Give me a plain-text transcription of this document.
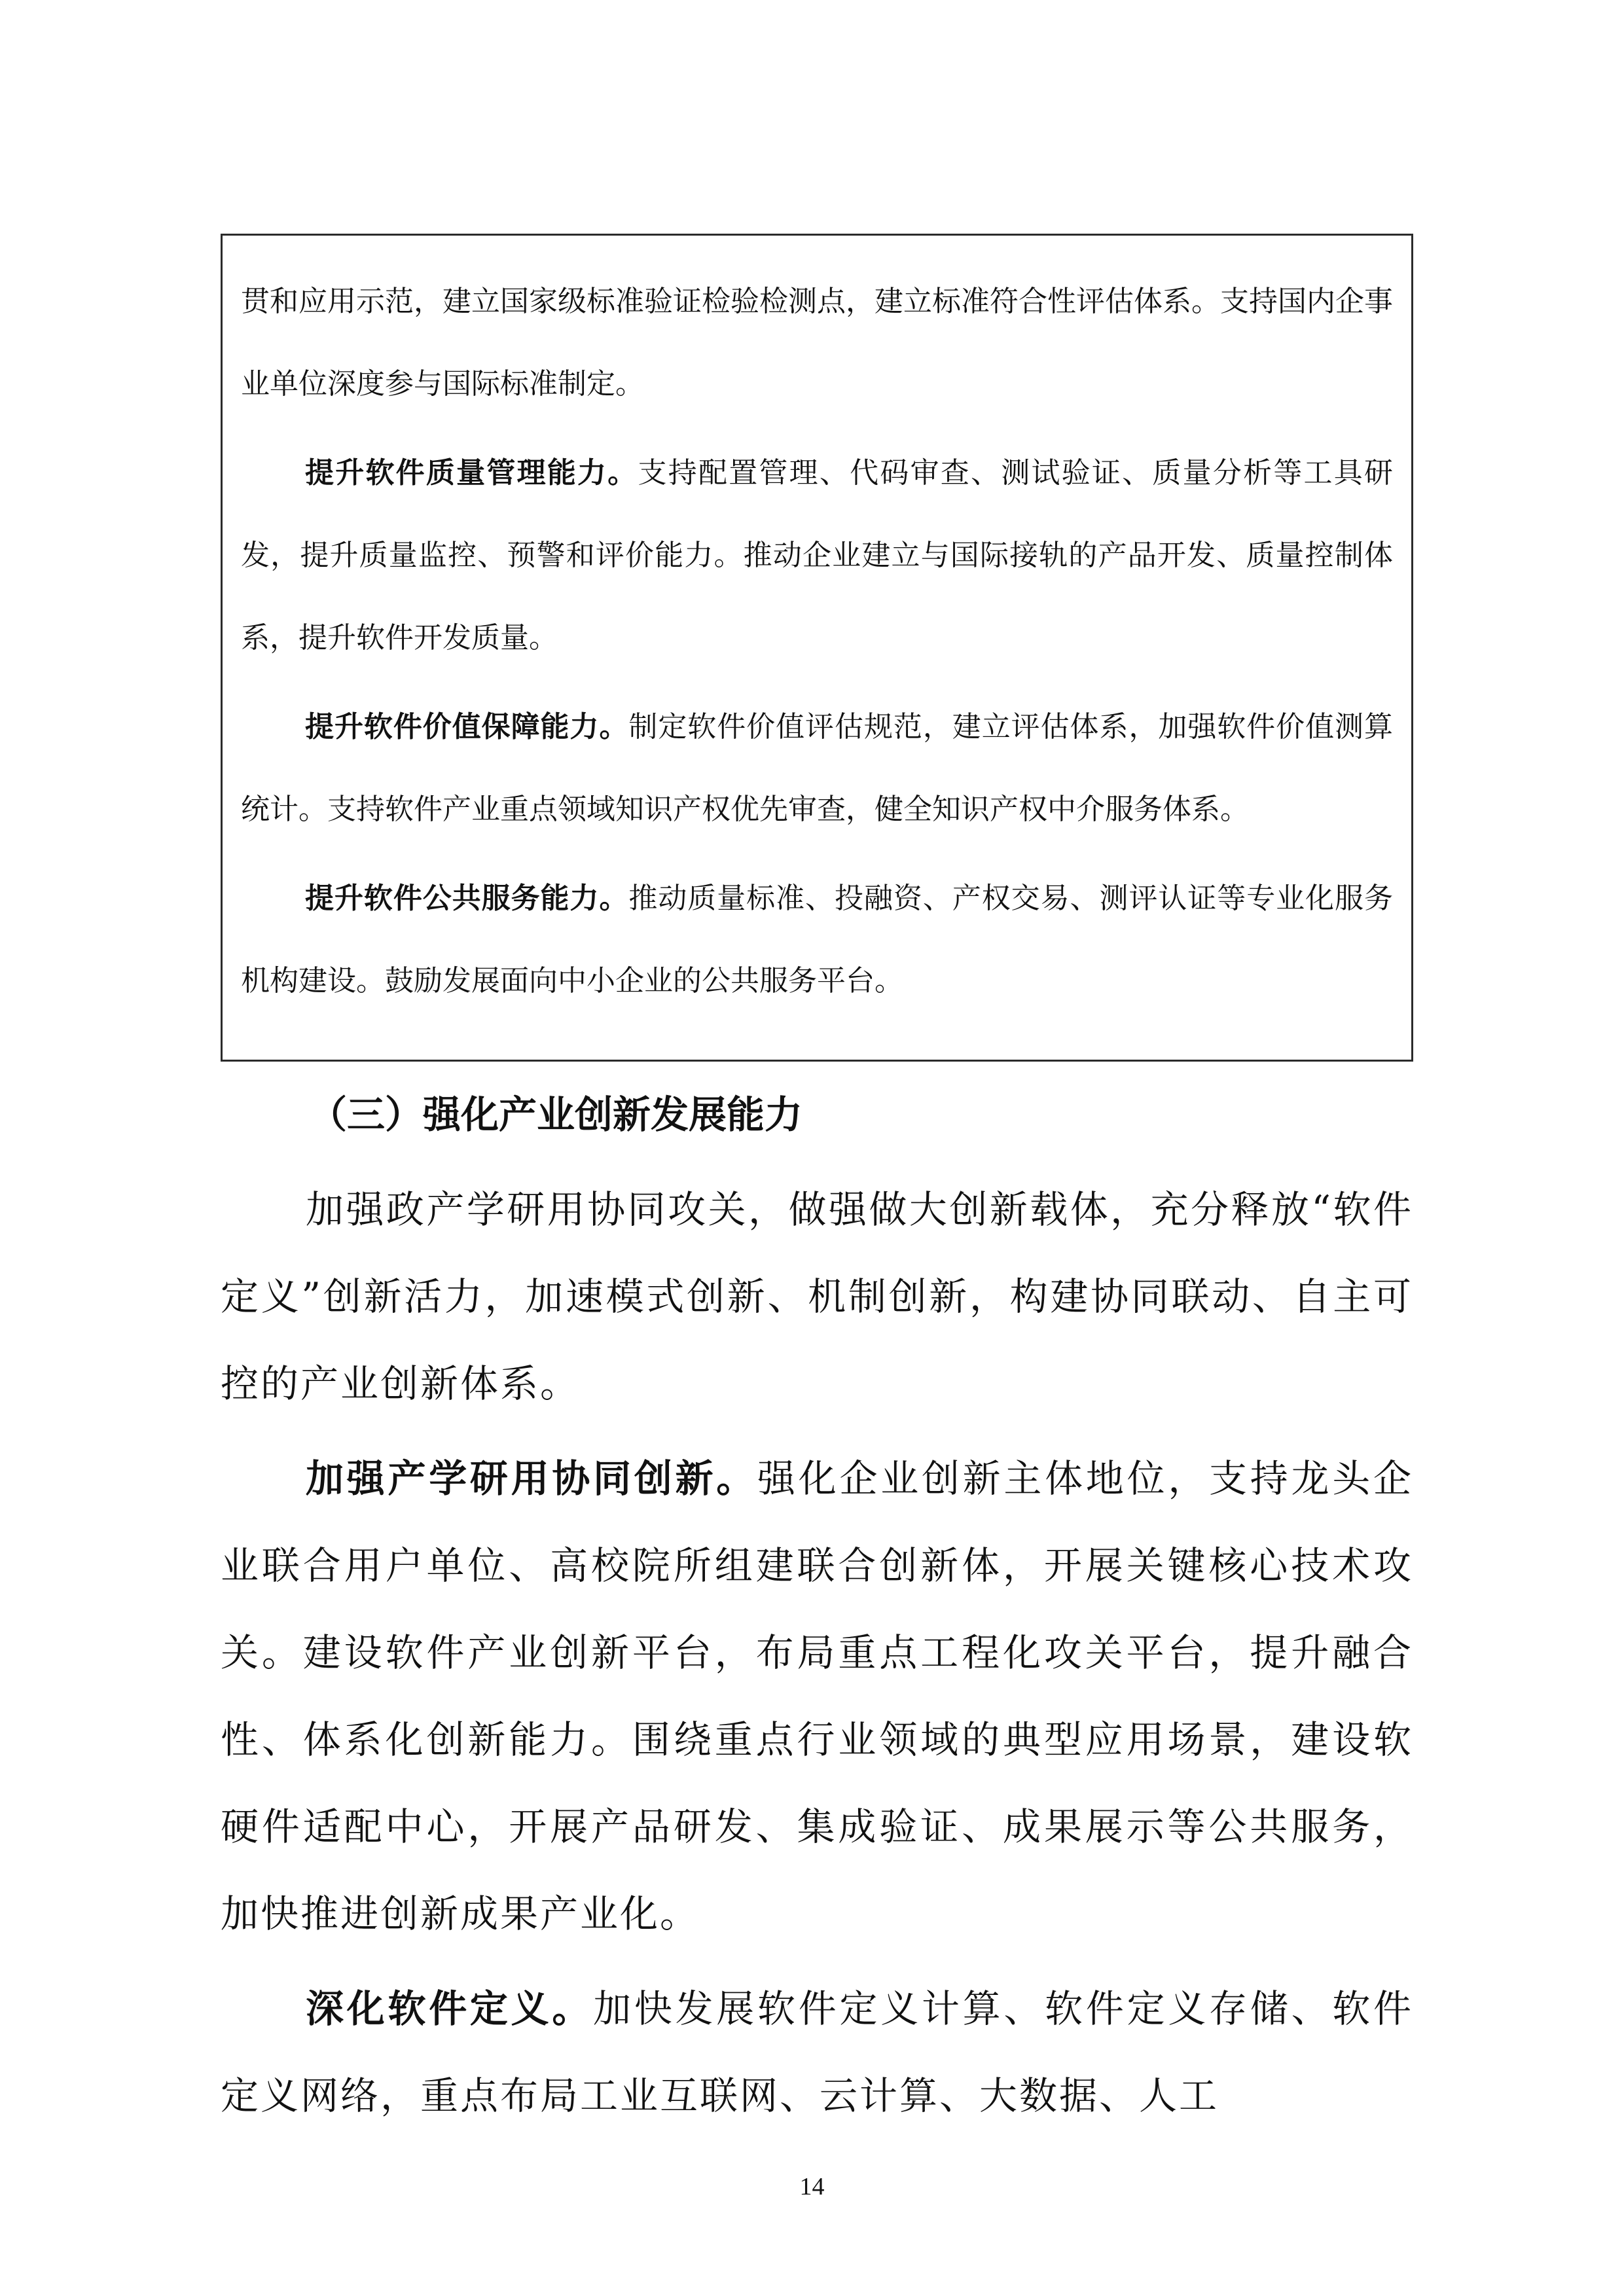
贯和应用示范，建立国家级标准验证检验检测点，建立标准符合性评估体系。支持国内企事业单位深度参与国际标准制定。

提升软件质量管理能力。支持配置管理、代码审查、测试验证、质量分析等工具研发，提升质量监控、预警和评价能力。推动企业建立与国际接轨的产品开发、质量控制体系，提升软件开发质量。

提升软件价值保障能力。制定软件价值评估规范，建立评估体系，加强软件价值测算统计。支持软件产业重点领域知识产权优先审查，健全知识产权中介服务体系。

提升软件公共服务能力。推动质量标准、投融资、产权交易、测评认证等专业化服务机构建设。鼓励发展面向中小企业的公共服务平台。

（三）强化产业创新发展能力

加强政产学研用协同攻关，做强做大创新载体，充分释放“软件定义”创新活力，加速模式创新、机制创新，构建协同联动、自主可控的产业创新体系。

加强产学研用协同创新。强化企业创新主体地位，支持龙头企业联合用户单位、高校院所组建联合创新体，开展关键核心技术攻关。建设软件产业创新平台，布局重点工程化攻关平台，提升融合性、体系化创新能力。围绕重点行业领域的典型应用场景，建设软硬件适配中心，开展产品研发、集成验证、成果展示等公共服务，加快推进创新成果产业化。

深化软件定义。加快发展软件定义计算、软件定义存储、软件定义网络，重点布局工业互联网、云计算、大数据、人工

14
